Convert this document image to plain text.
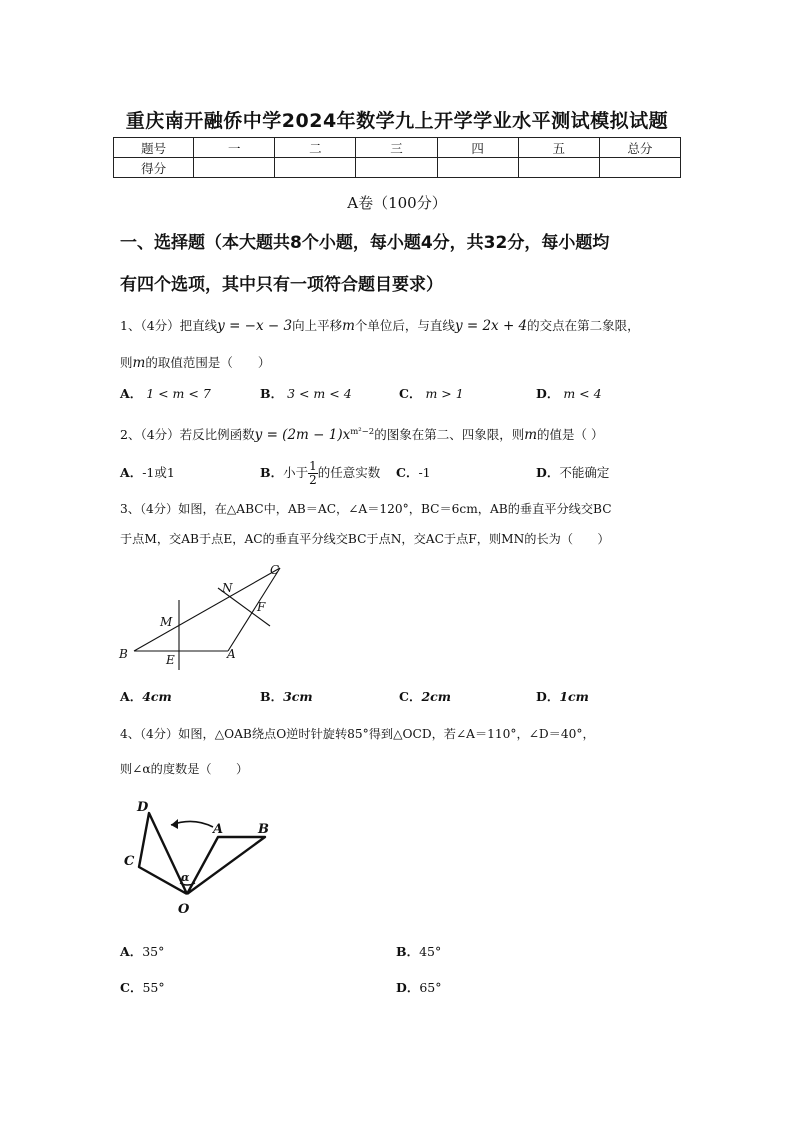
重庆南开融侨中学2024年数学九上开学学业水平测试模拟试题
题号	一	二	三	四	五	总分
得分						
A卷（100分）
一、选择题（本大题共8个小题，每小题4分，共32分，每小题均
有四个选项，其中只有一项符合题目要求）
1、（4分）把直线y = −x − 3向上平移m个单位后，与直线y = 2x + 4的交点在第二象限，
则m的取值范围是（　　）
A． 1 < m < 7	B． 3 < m < 4	C． m > 1	D． m < 4
2、（4分）若反比例函数$y = (2m - 1)x^{m^2-2}$的图象在第二、四象限，则m的值是（ ）
A．-1或1	B．小于 $\frac{1}{2}$ 的任意实数 C．-1	D．不能确定
3、（4分）如图，在△ABC中，AB＝AC，∠A＝120°，BC＝6cm，AB的垂直平分线交BC
于点M，交AB于点E，AC的垂直平分线交BC于点N，交AC于点F，则MN的长为（　　）
C
N
F
M
B	E	A
A．4cm	B．3cm	C．2cm	D．1cm
4、（4分）如图，△OAB绕点O逆时针旋转85°得到△OCD，若∠A＝110°，∠D＝40°，
则∠α的度数是（　　）
D
A	B
C
α
O
A．35°	B．45°
C．55°	D．65°
